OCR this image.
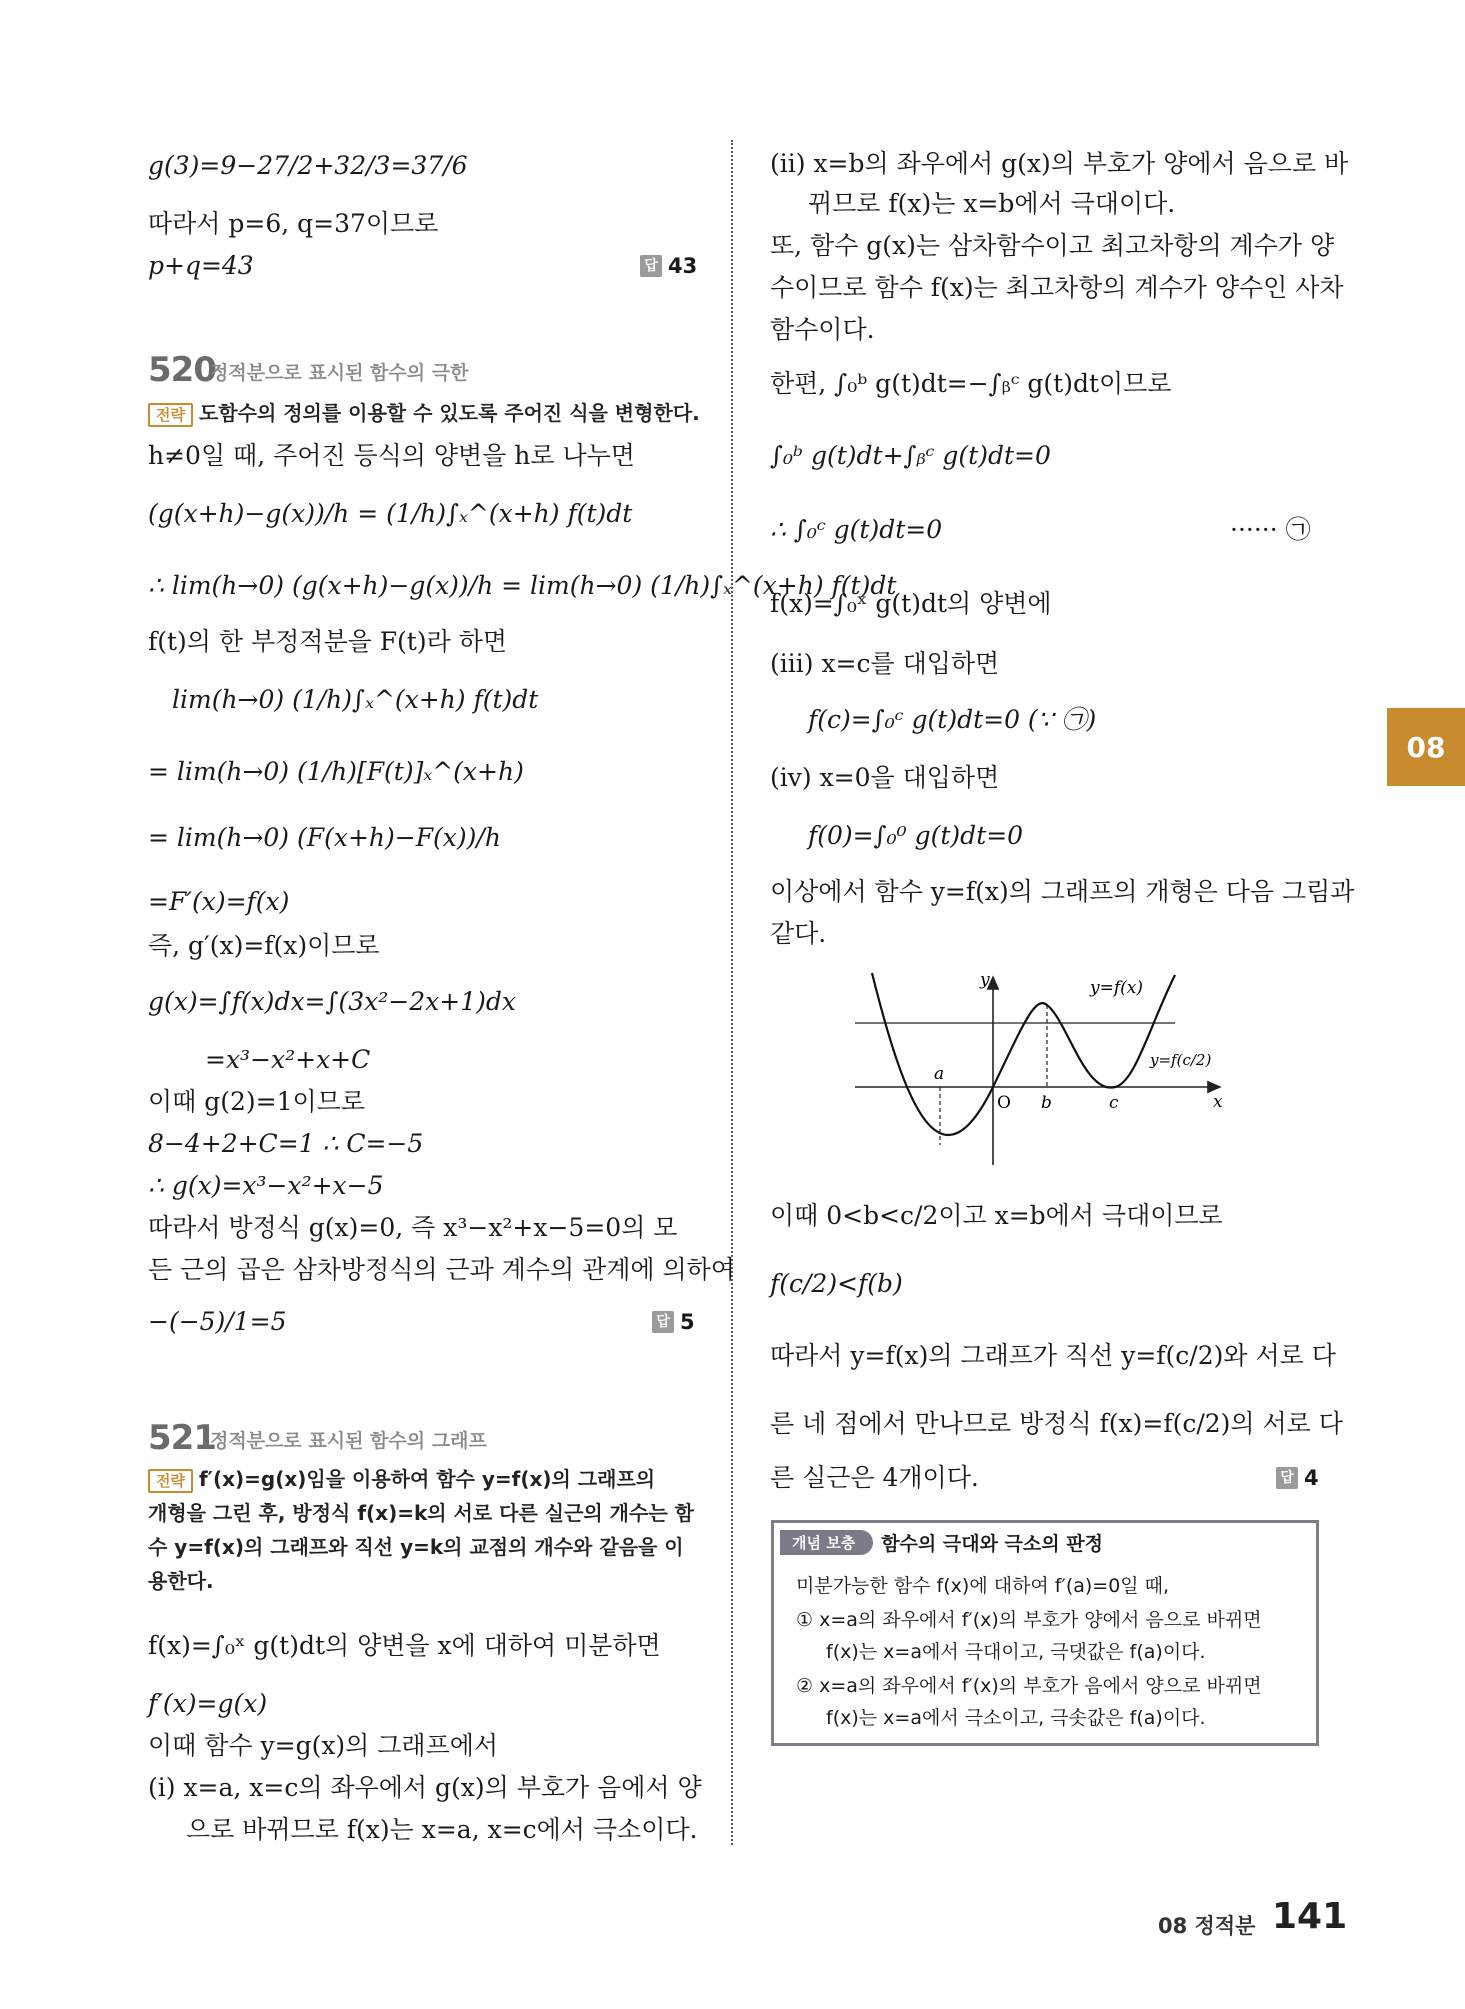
g(3)=9−27/2+32/3=37/6
따라서 p=6, q=37이므로
p+q=43	답 43
520
정적분으로 표시된 함수의 극한
전략 도함수의 정의를 이용할 수 있도록 주어진 식을 변형한다.
h≠0일 때, 주어진 등식의 양변을 h로 나누면
(g(x+h)−g(x))/h = (1/h)∫ₓ^(x+h) f(t)dt
∴ lim(h→0) (g(x+h)−g(x))/h = lim(h→0) (1/h)∫ₓ^(x+h) f(t)dt
f(t)의 한 부정적분을 F(t)라 하면
lim(h→0) (1/h)∫ₓ^(x+h) f(t)dt
= lim(h→0) (1/h)[F(t)]ₓ^(x+h)
= lim(h→0) (F(x+h)−F(x))/h
=F′(x)=f(x)
즉, g′(x)=f(x)이므로
g(x)=∫f(x)dx=∫(3x²−2x+1)dx
=x³−x²+x+C
이때 g(2)=1이므로
8−4+2+C=1 ∴ C=−5
∴ g(x)=x³−x²+x−5
따라서 방정식 g(x)=0, 즉 x³−x²+x−5=0의 모
든 근의 곱은 삼차방정식의 근과 계수의 관계에 의하여
−(−5)/1=5	답 5
521
정적분으로 표시된 함수의 그래프
전략 f′(x)=g(x)임을 이용하여 함수 y=f(x)의 그래프의
개형을 그린 후, 방정식 f(x)=k의 서로 다른 실근의 개수는 함
수 y=f(x)의 그래프와 직선 y=k의 교점의 개수와 같음을 이
용한다.
f(x)=∫₀ˣ g(t)dt의 양변을 x에 대하여 미분하면
f′(x)=g(x)
이때 함수 y=g(x)의 그래프에서
(i) x=a, x=c의 좌우에서 g(x)의 부호가 음에서 양
으로 바뀌므로 f(x)는 x=a, x=c에서 극소이다.
(ii) x=b의 좌우에서 g(x)의 부호가 양에서 음으로 바
뀌므로 f(x)는 x=b에서 극대이다.
또, 함수 g(x)는 삼차함수이고 최고차항의 계수가 양
수이므로 함수 f(x)는 최고차항의 계수가 양수인 사차
함수이다.
한편, ∫₀ᵇ g(t)dt=−∫ᵦᶜ g(t)dt이므로
∫₀ᵇ g(t)dt+∫ᵦᶜ g(t)dt=0
∴ ∫₀ᶜ g(t)dt=0	······ ㉠
f(x)=∫₀ˣ g(t)dt의 양변에
(iii) x=c를 대입하면
f(c)=∫₀ᶜ g(t)dt=0 (∵ ㉠)
(iv) x=0을 대입하면
f(0)=∫₀⁰ g(t)dt=0
이상에서 함수 y=f(x)의 그래프의 개형은 다음 그림과
같다.
y
x
O
a
b	c
y=f(x)
y=f(c/2)
이때 0<b<c/2이고 x=b에서 극대이므로
f(c/2)<f(b)
따라서 y=f(x)의 그래프가 직선 y=f(c/2)와 서로 다
른 네 점에서 만나므로 방정식 f(x)=f(c/2)의 서로 다
른 실근은 4개이다.	답 4
개념 보충	함수의 극대와 극소의 판정
미분가능한 함수 f(x)에 대하여 f′(a)=0일 때,
① x=a의 좌우에서 f′(x)의 부호가 양에서 음으로 바뀌면
f(x)는 x=a에서 극대이고, 극댓값은 f(a)이다.
② x=a의 좌우에서 f′(x)의 부호가 음에서 양으로 바뀌면
f(x)는 x=a에서 극소이고, 극솟값은 f(a)이다.
08
08 정적분 141
